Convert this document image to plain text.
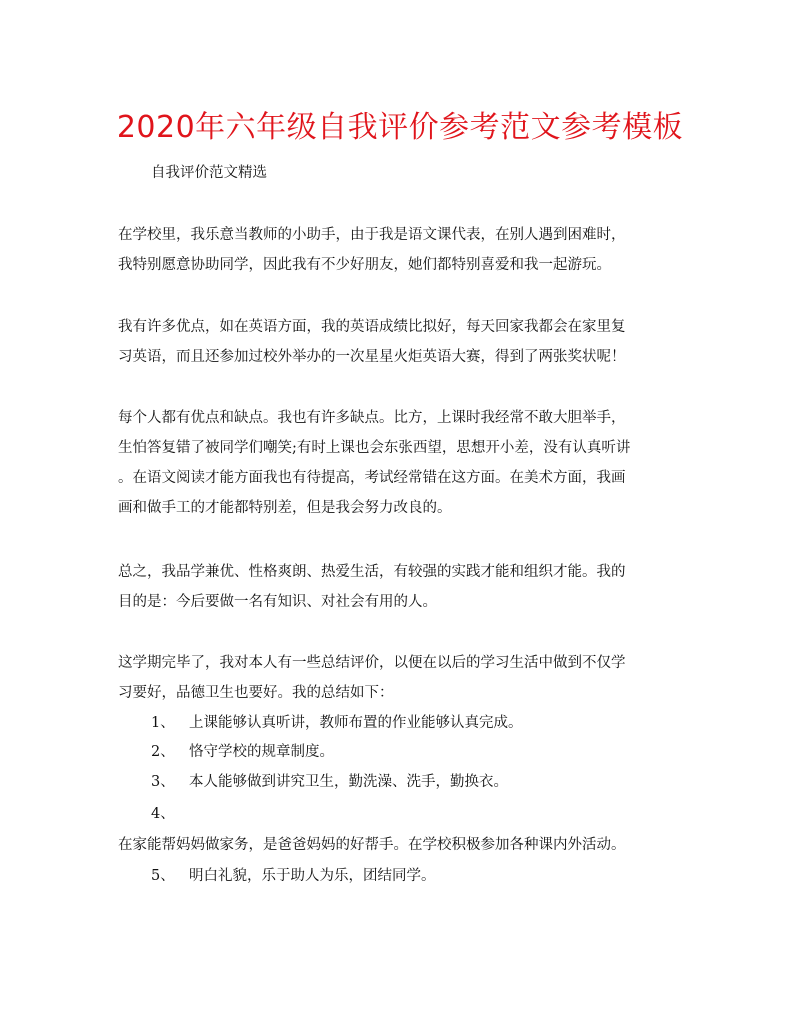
2020年六年级自我评价参考范文参考模板
自我评价范文精选
在学校里，我乐意当教师的小助手，由于我是语文课代表，在别人遇到困难时，
我特别愿意协助同学，因此我有不少好朋友，她们都特别喜爱和我一起游玩。
我有许多优点，如在英语方面，我的英语成绩比拟好，每天回家我都会在家里复
习英语，而且还参加过校外举办的一次星星火炬英语大赛，得到了两张奖状呢！
每个人都有优点和缺点。我也有许多缺点。比方，上课时我经常不敢大胆举手，
生怕答复错了被同学们嘲笑;有时上课也会东张西望，思想开小差，没有认真听讲
。在语文阅读才能方面我也有待提高，考试经常错在这方面。在美术方面，我画
画和做手工的才能都特别差，但是我会努力改良的。
总之，我品学兼优、性格爽朗、热爱生活，有较强的实践才能和组织才能。我的
目的是：今后要做一名有知识、对社会有用的人。
这学期完毕了，我对本人有一些总结评价，以便在以后的学习生活中做到不仅学
习要好，品德卫生也要好。我的总结如下：
1、 上课能够认真听讲，教师布置的作业能够认真完成。
2、 恪守学校的规章制度。
3、 本人能够做到讲究卫生，勤洗澡、洗手，勤换衣。
4、
在家能帮妈妈做家务，是爸爸妈妈的好帮手。在学校积极参加各种课内外活动。
5、 明白礼貌，乐于助人为乐，团结同学。
